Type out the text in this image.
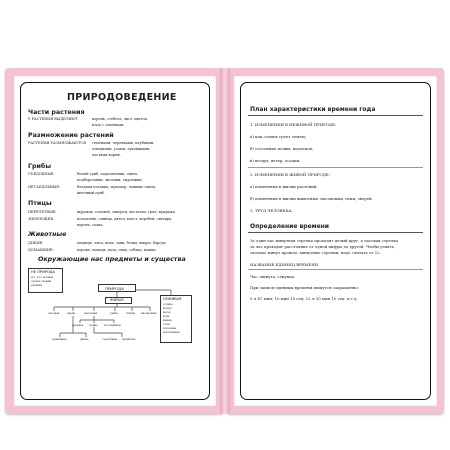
ПРИРОДОВЕДЕНИЕ
Части растения
У РАСТЕНИЯ ВЫДЕЛЯЮТ	корень, стебель, лист, цветок,
плод с семенами.
Размножение растений
РАСТЕНИЯ РАЗМНОЖАЮТСЯ семенами, черенками, клубнями,
отводками, усами, луковицами,
частями корня.
Грибы
СЪЕДОБНЫЕ:	белый гриб, подосиновик, опята,
подберезовик, лисички, сыроежки.
НЕСЪЕДОБНЫЕ:	бледная поганка, мухомор, ложные опята,
желчный гриб.
Птицы
ПЕРЕЛЕТНЫЕ:	журавль, соловей, скворец, ласточка, грач, кукушка.
ЗИМУЮЩИЕ:	поползень, синица, дятел, клест, воробей, снегирь,
ворона, галка.
Животные
ДИКИЕ:	медведь, лиса, волк, заяц, белка, выдра, барсук.
ДОМАШНИЕ:	корова, лошадь, коза, овца, собака, кошка.
Окружающие нас предметы и существа
НЕ ПРИРОДА
(то, что человек
сделал своими
руками)	ПРИРОДА
ЖИВАЯ	НЕЖИВАЯ
солнце
воздух
ветер
вода
камни
горы
полезные
ископаемые
человек	звери	растения	рыбы	птицы насекомые
деревья травы кустарники
домашние	дикие	съедобные ядовитые
План характеристики времени года
1. ИЗМЕНЕНИЯ В НЕЖИВОЙ ПРИРОДЕ:
а) как солнце греет землю;
б) состояние почвы, водоемов;
в) воздух, ветер, осадки.
2. ИЗМЕНЕНИЯ В ЖИВОЙ ПРИРОДЕ:
а) изменения в жизни растений;
б) изменения в жизни животных: насекомых, птиц, зверей.
3. ТРУД ЧЕЛОВЕКА.
Определение времени
За один час минутная стрелка проходит целый круг, а часовая стрелка
за час проходит расстояние от одной цифры до другой. Чтобы узнать,
сколько минут прошло, минутные стрелки, надо считать от 12.
НАЗВАНИЕ ЕДИНИЦ ВРЕМЕНИ
Час, минута, секунда.
При записи единицы времени пишутся сокращенно:
5 ч 47 мин; 10 мин 15 сек; 12 ч 30 мин 10 сек. и т.д.
